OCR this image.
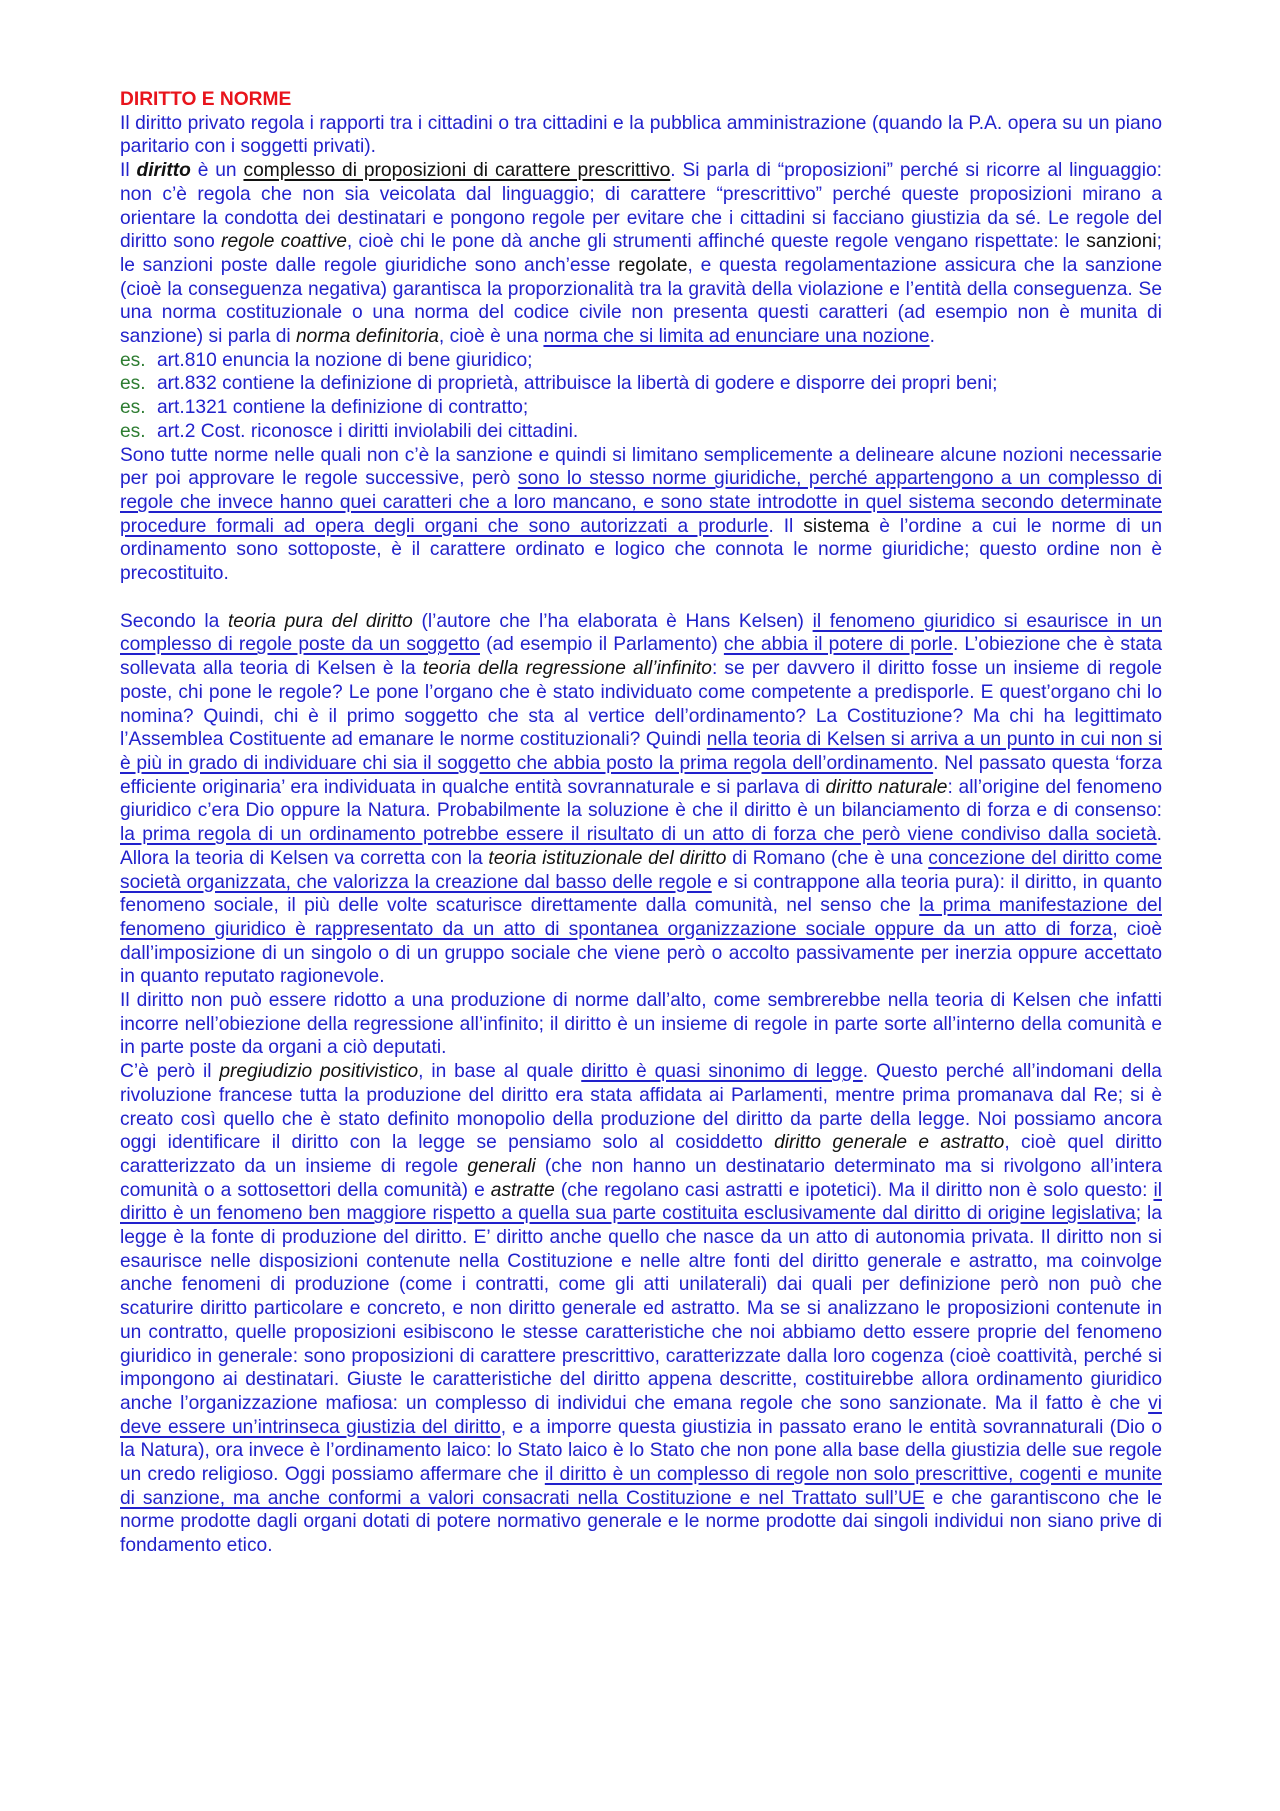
DIRITTO E NORME

Il diritto privato regola i rapporti tra i cittadini o tra cittadini e la pubblica amministrazione (quando la P.A. opera su un piano paritario con i soggetti privati).

Il diritto è un complesso di proposizioni di carattere prescrittivo. Si parla di “proposizioni” perché si ricorre al linguaggio: non c’è regola che non sia veicolata dal linguaggio; di carattere “prescrittivo” perché queste proposizioni mirano a orientare la condotta dei destinatari e pongono regole per evitare che i cittadini si facciano giustizia da sé. Le regole del diritto sono regole coattive, cioè chi le pone dà anche gli strumenti affinché queste regole vengano rispettate: le sanzioni; le sanzioni poste dalle regole giuridiche sono anch’esse regolate, e questa regolamentazione assicura che la sanzione (cioè la conseguenza negativa) garantisca la proporzionalità tra la gravità della violazione e l’entità della conseguenza. Se una norma costituzionale o una norma del codice civile non presenta questi caratteri (ad esempio non è munita di sanzione) si parla di norma definitoria, cioè è una norma che si limita ad enunciare una nozione.

es. art.810 enuncia la nozione di bene giuridico;

es. art.832 contiene la definizione di proprietà, attribuisce la libertà di godere e disporre dei propri beni;

es. art.1321 contiene la definizione di contratto;

es. art.2 Cost. riconosce i diritti inviolabili dei cittadini.

Sono tutte norme nelle quali non c’è la sanzione e quindi si limitano semplicemente a delineare alcune nozioni necessarie per poi approvare le regole successive, però sono lo stesso norme giuridiche, perché appartengono a un complesso di regole che invece hanno quei caratteri che a loro mancano, e sono state introdotte in quel sistema secondo determinate procedure formali ad opera degli organi che sono autorizzati a produrle. Il sistema è l’ordine a cui le norme di un ordinamento sono sottoposte, è il carattere ordinato e logico che connota le norme giuridiche; questo ordine non è precostituito.

Secondo la teoria pura del diritto (l’autore che l’ha elaborata è Hans Kelsen) il fenomeno giuridico si esaurisce in un complesso di regole poste da un soggetto (ad esempio il Parlamento) che abbia il potere di porle. L’obiezione che è stata sollevata alla teoria di Kelsen è la teoria della regressione all’infinito: se per davvero il diritto fosse un insieme di regole poste, chi pone le regole? Le pone l’organo che è stato individuato come competente a predisporle. E quest’organo chi lo nomina? Quindi, chi è il primo soggetto che sta al vertice dell’ordinamento? La Costituzione? Ma chi ha legittimato l’Assemblea Costituente ad emanare le norme costituzionali? Quindi nella teoria di Kelsen si arriva a un punto in cui non si è più in grado di individuare chi sia il soggetto che abbia posto la prima regola dell’ordinamento. Nel passato questa ‘forza efficiente originaria’ era individuata in qualche entità sovrannaturale e si parlava di diritto naturale: all’origine del fenomeno giuridico c’era Dio oppure la Natura. Probabilmente la soluzione è che il diritto è un bilanciamento di forza e di consenso: la prima regola di un ordinamento potrebbe essere il risultato di un atto di forza che però viene condiviso dalla società. Allora la teoria di Kelsen va corretta con la teoria istituzionale del diritto di Romano (che è una concezione del diritto come società organizzata, che valorizza la creazione dal basso delle regole e si contrappone alla teoria pura): il diritto, in quanto fenomeno sociale, il più delle volte scaturisce direttamente dalla comunità, nel senso che la prima manifestazione del fenomeno giuridico è rappresentato da un atto di spontanea organizzazione sociale oppure da un atto di forza, cioè dall’imposizione di un singolo o di un gruppo sociale che viene però o accolto passivamente per inerzia oppure accettato in quanto reputato ragionevole.

Il diritto non può essere ridotto a una produzione di norme dall’alto, come sembrerebbe nella teoria di Kelsen che infatti incorre nell’obiezione della regressione all’infinito; il diritto è un insieme di regole in parte sorte all’interno della comunità e in parte poste da organi a ciò deputati.

C’è però il pregiudizio positivistico, in base al quale diritto è quasi sinonimo di legge. Questo perché all’indomani della rivoluzione francese tutta la produzione del diritto era stata affidata ai Parlamenti, mentre prima promanava dal Re; si è creato così quello che è stato definito monopolio della produzione del diritto da parte della legge. Noi possiamo ancora oggi identificare il diritto con la legge se pensiamo solo al cosiddetto diritto generale e astratto, cioè quel diritto caratterizzato da un insieme di regole generali (che non hanno un destinatario determinato ma si rivolgono all’intera comunità o a sottosettori della comunità) e astratte (che regolano casi astratti e ipotetici). Ma il diritto non è solo questo: il diritto è un fenomeno ben maggiore rispetto a quella sua parte costituita esclusivamente dal diritto di origine legislativa; la legge è la fonte di produzione del diritto. E’ diritto anche quello che nasce da un atto di autonomia privata. Il diritto non si esaurisce nelle disposizioni contenute nella Costituzione e nelle altre fonti del diritto generale e astratto, ma coinvolge anche fenomeni di produzione (come i contratti, come gli atti unilaterali) dai quali per definizione però non può che scaturire diritto particolare e concreto, e non diritto generale ed astratto. Ma se si analizzano le proposizioni contenute in un contratto, quelle proposizioni esibiscono le stesse caratteristiche che noi abbiamo detto essere proprie del fenomeno giuridico in generale: sono proposizioni di carattere prescrittivo, caratterizzate dalla loro cogenza (cioè coattività, perché si impongono ai destinatari. Giuste le caratteristiche del diritto appena descritte, costituirebbe allora ordinamento giuridico anche l’organizzazione mafiosa: un complesso di individui che emana regole che sono sanzionate. Ma il fatto è che vi deve essere un’intrinseca giustizia del diritto, e a imporre questa giustizia in passato erano le entità sovrannaturali (Dio o la Natura), ora invece è l’ordinamento laico: lo Stato laico è lo Stato che non pone alla base della giustizia delle sue regole un credo religioso. Oggi possiamo affermare che il diritto è un complesso di regole non solo prescrittive, cogenti e munite di sanzione, ma anche conformi a valori consacrati nella Costituzione e nel Trattato sull’UE e che garantiscono che le norme prodotte dagli organi dotati di potere normativo generale e le norme prodotte dai singoli individui non siano prive di fondamento etico.
